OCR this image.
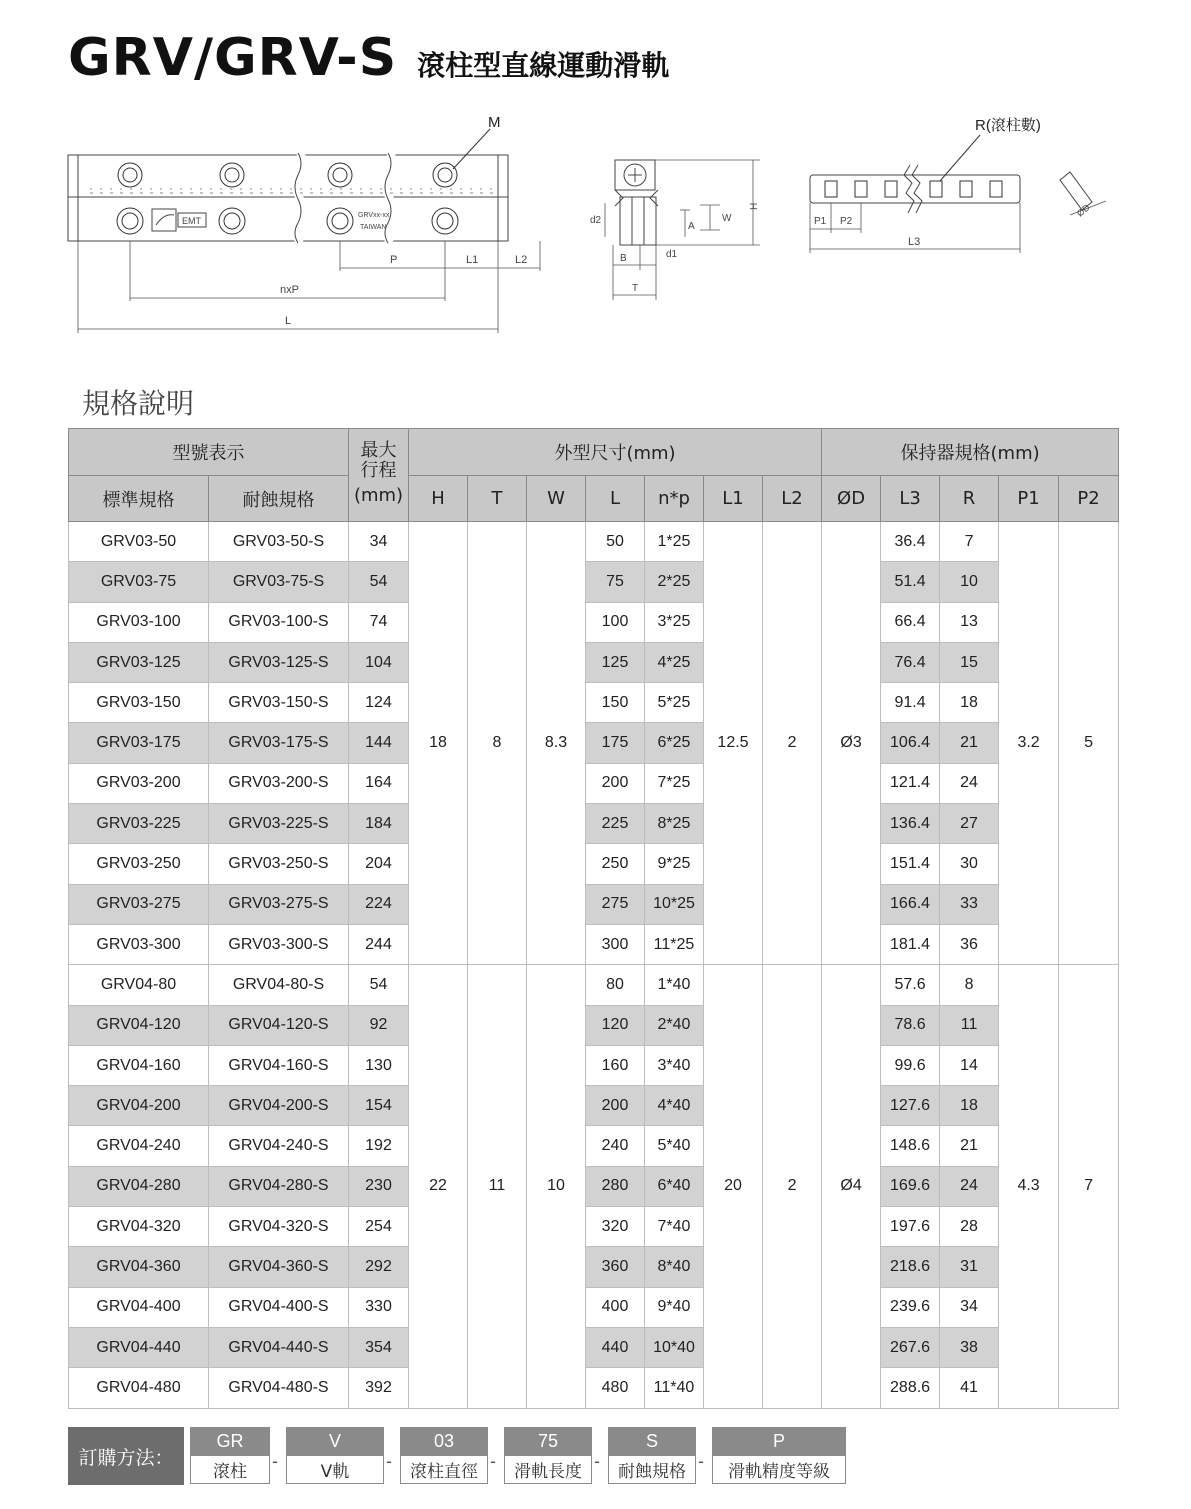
GRV/GRV-S 滾柱型直線運動滑軌
EMT
GRVxx-xx
TAIWAN
M
P	L1	L2
nxP
L
H
W
A
d2
d1
B
T
R(滾柱數)
P1 P2
L3
ØD
規格說明
型號表示		最大行程
(mm)	外型尺寸(mm)							保持器規格(mm)				
標準規格	耐蝕規格		H	T	W	L	n*p	L1	L2	ØD	L3	R	P1	P2
GRV03-50	GRV03-50-S	34	18	8	8.3	50	1*25	12.5	2	Ø3	36.4	7	3.2	5
GRV03-75	GRV03-75-S	54				75	2*25				51.4	10		
GRV03-100	GRV03-100-S	74				100	3*25				66.4	13		
GRV03-125	GRV03-125-S	104				125	4*25				76.4	15		
GRV03-150	GRV03-150-S	124				150	5*25				91.4	18		
GRV03-175	GRV03-175-S	144				175	6*25				106.4	21		
GRV03-200	GRV03-200-S	164				200	7*25				121.4	24		
GRV03-225	GRV03-225-S	184				225	8*25				136.4	27		
GRV03-250	GRV03-250-S	204				250	9*25				151.4	30		
GRV03-275	GRV03-275-S	224				275	10*25				166.4	33		
GRV03-300	GRV03-300-S	244				300	11*25				181.4	36		
GRV04-80	GRV04-80-S	54	22	11	10	80	1*40	20	2	Ø4	57.6	8	4.3	7
GRV04-120	GRV04-120-S	92				120	2*40				78.6	11		
GRV04-160	GRV04-160-S	130				160	3*40				99.6	14		
GRV04-200	GRV04-200-S	154				200	4*40				127.6	18		
GRV04-240	GRV04-240-S	192				240	5*40				148.6	21		
GRV04-280	GRV04-280-S	230				280	6*40				169.6	24		
GRV04-320	GRV04-320-S	254				320	7*40				197.6	28		
GRV04-360	GRV04-360-S	292				360	8*40				218.6	31		
GRV04-400	GRV04-400-S	330				400	9*40				239.6	34		
GRV04-440	GRV04-440-S	354				440	10*40				267.6	38		
GRV04-480	GRV04-480-S	392				480	11*40				288.6	41		
訂購方法：
GR
滾柱
-
V
V軌
-
03
滾柱直徑
-
75
滑軌長度
-
S
耐蝕規格
-
P
滑軌精度等級
